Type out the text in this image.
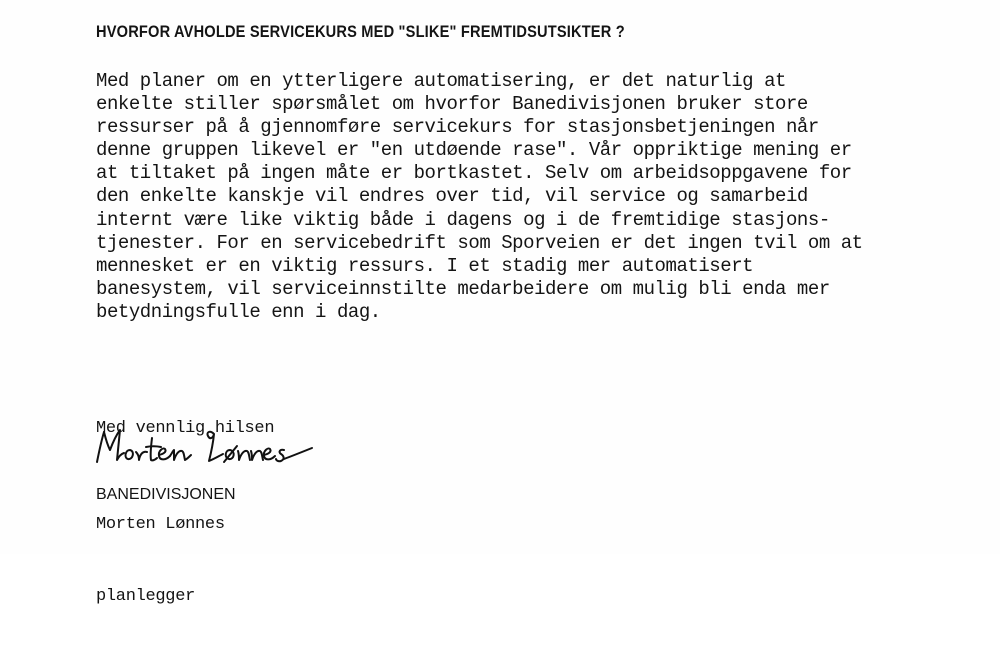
HVORFOR AVHOLDE SERVICEKURS MED "SLIKE" FREMTIDSUTSIKTER ?
Med planer om en ytterligere automatisering, er det naturlig at
enkelte stiller spørsmålet om hvorfor Banedivisjonen bruker store
ressurser på å gjennomføre servicekurs for stasjonsbetjeningen når
denne gruppen likevel er "en utdøende rase". Vår oppriktige mening er
at tiltaket på ingen måte er bortkastet. Selv om arbeidsoppgavene for
den enkelte kanskje vil endres over tid, vil service og samarbeid
internt være like viktig både i dagens og i de fremtidige stasjons-
tjenester. For en servicebedrift som Sporveien er det ingen tvil om at
mennesket er en viktig ressurs. I et stadig mer automatisert
banesystem, vil serviceinnstilte medarbeidere om mulig bli enda mer
betydningsfulle enn i dag.

Med vennlig hilsen

BANEDIVISJONEN

Morten Lønnes

planlegger
